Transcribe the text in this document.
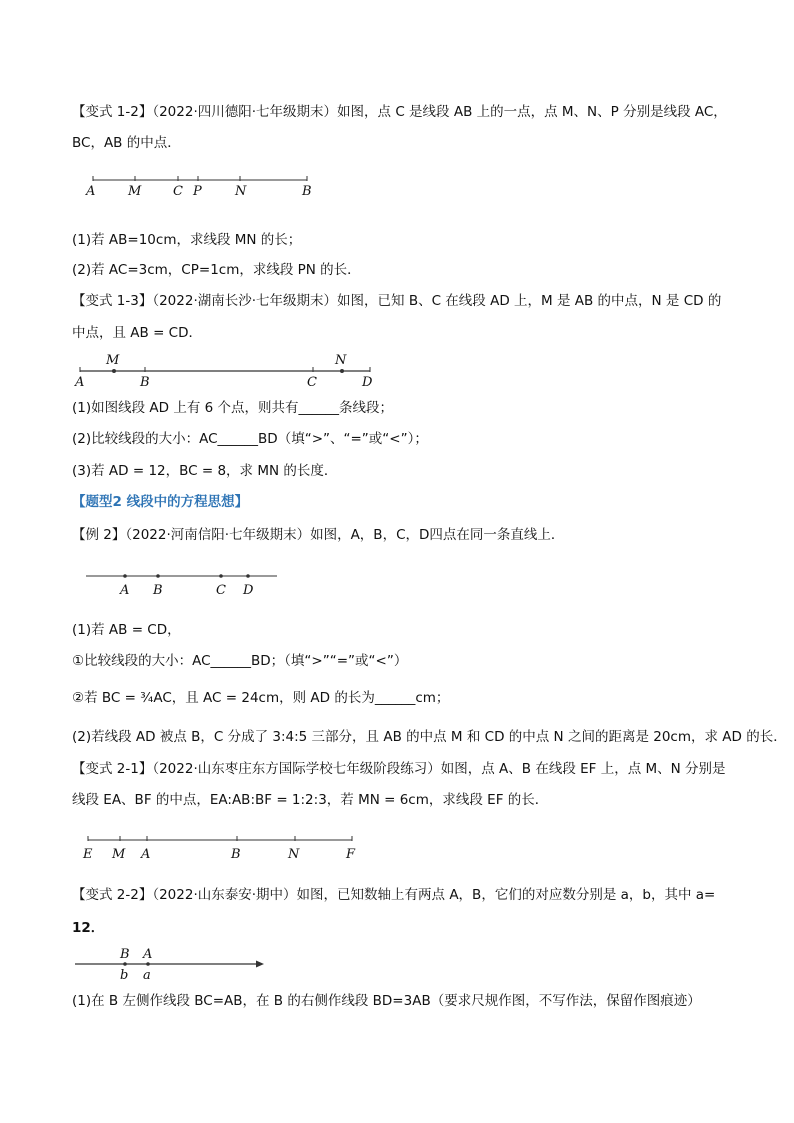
【变式 1-2】（2022·四川德阳·七年级期末）如图，点 C 是线段 AB 上的一点，点 M、N、P 分别是线段 AC，
BC，AB 的中点．
A	M C P	N	B
M	N
A	B	C	D
A B	C D
E M A	B	N	F
B A
b a
(1)若 AB=10cm，求线段 MN 的长；
(2)若 AC=3cm，CP=1cm，求线段 PN 的长．
【变式 1-3】（2022·湖南长沙·七年级期末）如图，已知 B、C 在线段 AD 上，M 是 AB 的中点，N 是 CD 的
中点，且 AB = CD．
(1)如图线段 AD 上有 6 个点，则共有______条线段；
(2)比较线段的大小：AC______BD（填“>”、“=”或“<”）；
(3)若 AD = 12，BC = 8，求 MN 的长度．
【题型2 线段中的方程思想】
【例 2】（2022·河南信阳·七年级期末）如图，A，B，C，D四点在同一条直线上．
(1)若 AB = CD，
①比较线段的大小：AC______BD；（填“>”“=”或“<”）
②若 BC = ¾AC，且 AC = 24cm，则 AD 的长为______cm；
(2)若线段 AD 被点 B，C 分成了 3:4:5 三部分，且 AB 的中点 M 和 CD 的中点 N 之间的距离是 20cm，求 AD 的长．
【变式 2-1】（2022·山东枣庄东方国际学校七年级阶段练习）如图，点 A、B 在线段 EF 上，点 M、N 分别是
线段 EA、BF 的中点，EA:AB:BF = 1:2:3，若 MN = 6cm，求线段 EF 的长．
【变式 2-2】（2022·山东泰安·期中）如图，已知数轴上有两点 A，B，它们的对应数分别是 a，b，其中 a=
12．
(1)在 B 左侧作线段 BC=AB，在 B 的右侧作线段 BD=3AB（要求尺规作图，不写作法，保留作图痕迹）
